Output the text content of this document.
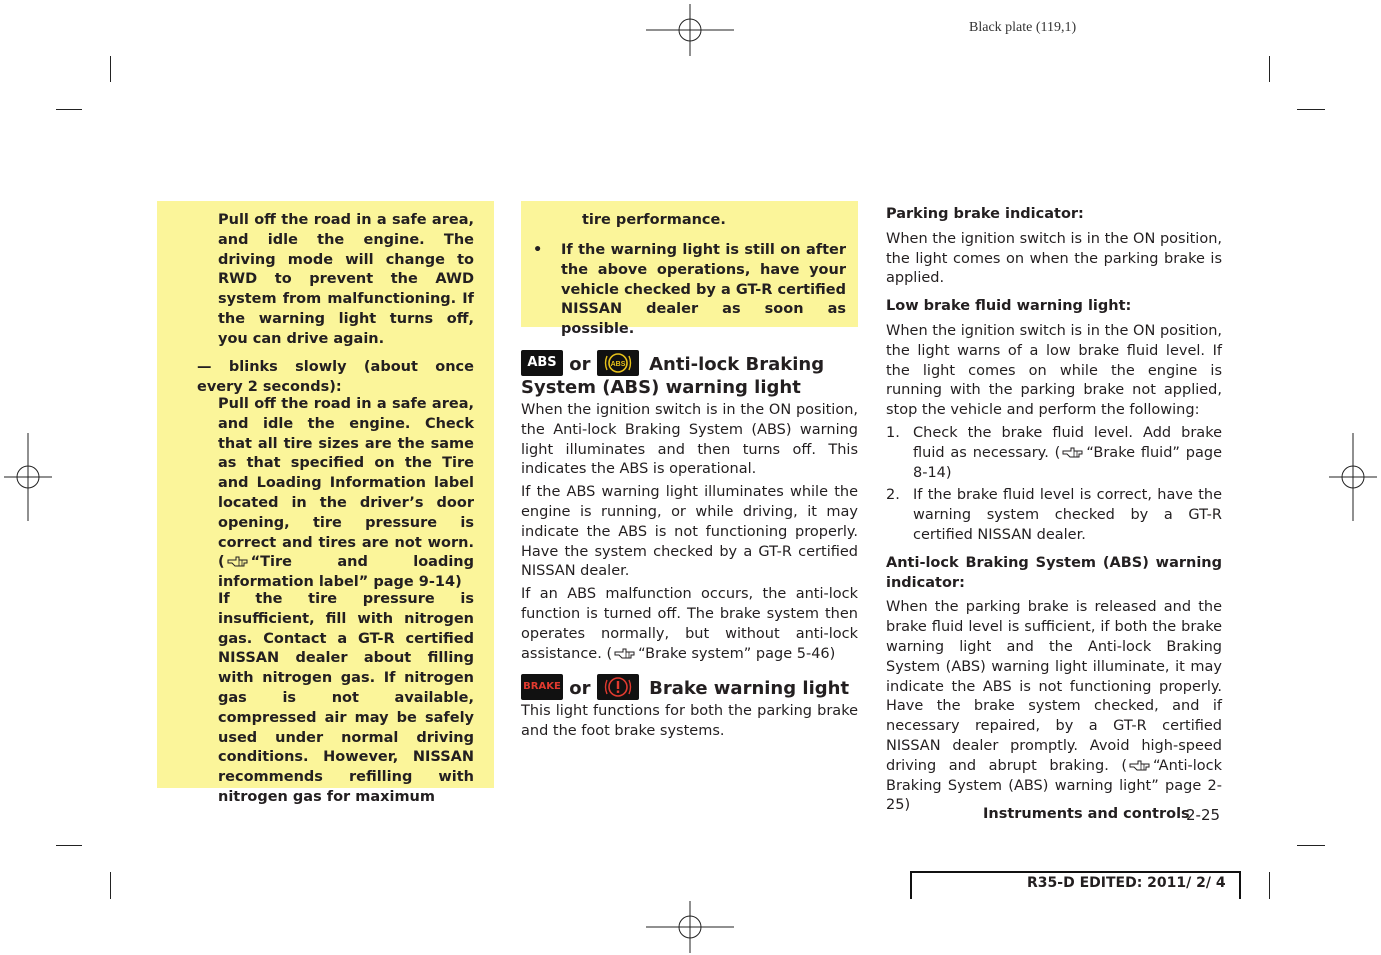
Black plate (119,1)
Pull off the road in a safe area, and idle the engine. The driving mode will change to RWD to prevent the AWD system from malfunctioning. If the warning light turns off, you can drive again.
— blinks slowly (about once every 2 seconds):
Pull off the road in a safe area, and idle the engine. Check that all tire sizes are the same as that specified on the Tire and Loading Information label located in the driver’s door opening, tire pressure is correct and tires are not worn. ( “Tire and loading information label” page 9-14)
If the tire pressure is insufficient, fill with nitrogen gas. Contact a GT-R certified NISSAN dealer about filling with nitrogen gas. If nitrogen gas is not available, compressed air may be safely used under normal driving conditions. However, NISSAN recommends refilling with nitrogen gas for maximum
tire performance.
• If the warning light is still on after the above operations, have your vehicle checked by a GT-R certified NISSAN dealer as soon as possible.
ABS or	ABS Anti-lock Braking
System (ABS) warning light

When the ignition switch is in the ON position, the Anti-lock Braking System (ABS) warning light illuminates and then turns off. This indicates the ABS is operational.

If the ABS warning light illuminates while the engine is running, or while driving, it may indicate the ABS is not functioning properly. Have the system checked by a GT-R certified NISSAN dealer.

If an ABS malfunction occurs, the anti-lock function is turned off. The brake system then operates normally, but without anti-lock assistance. ( “Brake system” page 5-46)

BRAKE or	Brake warning light
This light functions for both the parking brake and the foot brake systems.

Parking brake indicator:

When the ignition switch is in the ON position, the light comes on when the parking brake is applied.

Low brake fluid warning light:

When the ignition switch is in the ON position, the light warns of a low brake fluid level. If the light comes on while the engine is running with the parking brake not applied, stop the vehicle and perform the following:

1. Check the brake fluid level. Add brake fluid as necessary. ( “Brake fluid” page 8-14)
2. If the brake fluid level is correct, have the warning system checked by a GT-R certified NISSAN dealer.

Anti-lock Braking System (ABS) warning indicator:

When the parking brake is released and the brake fluid level is sufficient, if both the brake warning light and the Anti-lock Braking System (ABS) warning light illuminate, it may indicate the ABS is not functioning properly. Have the brake system checked, and if necessary repaired, by a GT-R certified NISSAN dealer promptly. Avoid high-speed driving and abrupt braking. ( “Anti-lock Braking System (ABS) warning light” page 2-25)

Instruments and controls
2-25
R35-D EDITED: 2011/ 2/ 4
